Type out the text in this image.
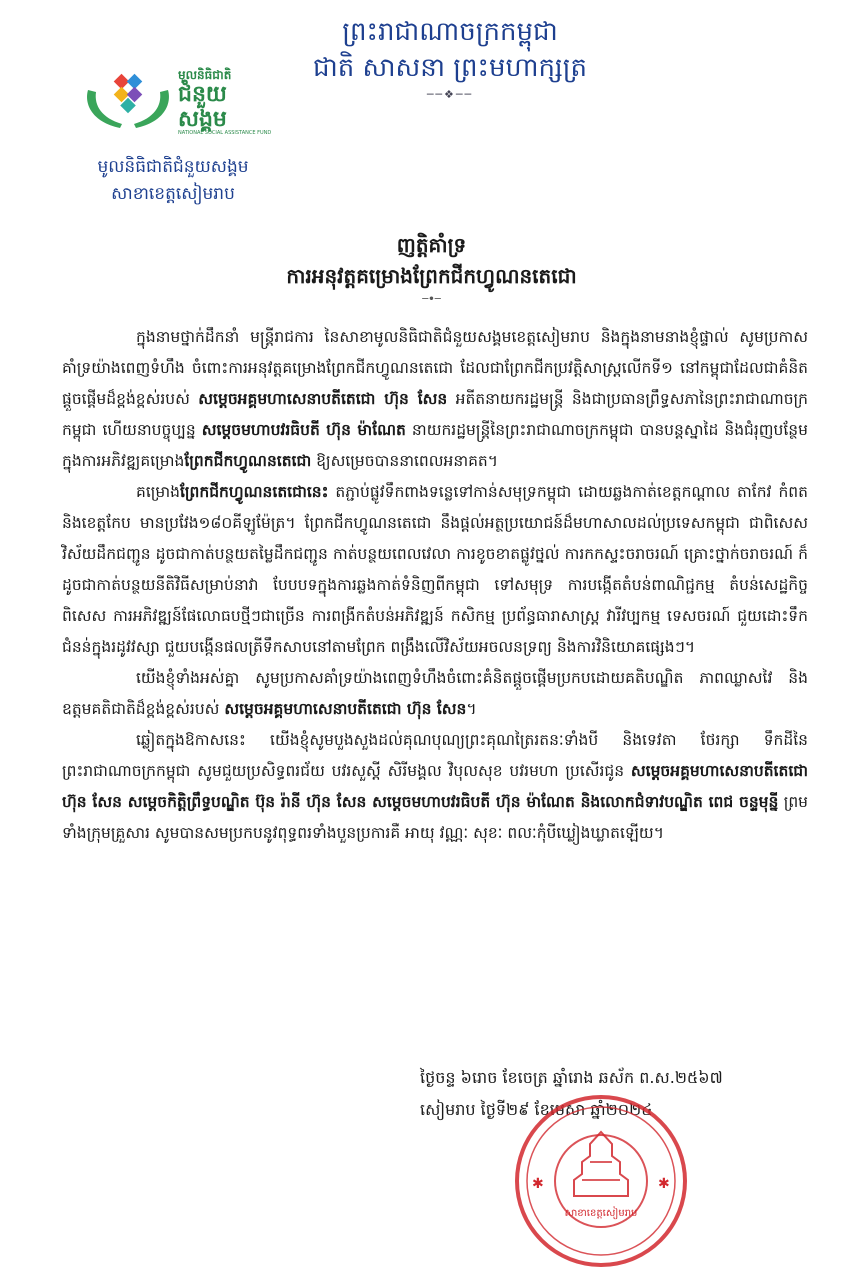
ព្រះរាជាណាចក្រកម្ពុជា
ជាតិ សាសនា ព្រះមហាក្សត្រ
──❖──
មូលនិធិជាតិ
ជំនួយ
សង្គម
NATIONAL SOCIAL ASSISTANCE FUND
មូលនិធិជាតិជំនួយសង្គម
សាខាខេត្តសៀមរាប
ញត្តិគាំទ្រ
ការអនុវត្តគម្រោងព្រែកជីកហ្វូណនតេជោ
─•─

ក្នុងនាមថ្នាក់ដឹកនាំ មន្ត្រីរាជការ នៃសាខាមូលនិធិជាតិជំនួយសង្គមខេត្តសៀមរាប និងក្នុងនាមនាងខ្ញុំផ្ទាល់ សូមប្រកាសគាំទ្រយ៉ាងពេញទំហឹង ចំពោះការអនុវត្តគម្រោងព្រែកជីកហ្វូណនតេជោ ដែលជាព្រែកជីកប្រវត្តិសាស្ត្រលើកទី១ នៅកម្ពុជាដែលជាគំនិតផ្តួចផ្តើមដ៏ខ្ពង់ខ្ពស់របស់ សម្តេចអគ្គមហាសេនាបតីតេជោ ហ៊ុន សែន អតីតនាយករដ្ឋមន្ត្រី និងជាប្រធានព្រឹទ្ធសភានៃព្រះរាជាណាចក្រកម្ពុជា ហើយនាបច្ចុប្បន្ន សម្តេចមហាបវរធិបតី ហ៊ុន ម៉ាណែត នាយករដ្ឋមន្ត្រីនៃព្រះរាជាណាចក្រកម្ពុជា បានបន្តស្នាដៃ និងជំរុញបន្ថែមក្នុងការអភិវឌ្ឍគម្រោងព្រែកជីកហ្វូណនតេជោ ឱ្យសម្រេចបាននាពេលអនាគត។

គម្រោងព្រែកជីកហ្វូណនតេជោនេះ តភ្ជាប់ផ្លូវទឹកពាងទន្លេទៅកាន់សមុទ្រកម្ពុជា ដោយឆ្លងកាត់ខេត្តកណ្តាល តាកែវ កំពត និងខេត្តកែប មានប្រវែង១៨០គីឡូម៉ែត្រ។ ព្រែកជីកហ្វូណនតេជោ នឹងផ្តល់អត្ថប្រយោជន៍ដ៏មហាសាលដល់ប្រទេសកម្ពុជា ជាពិសេសវិស័យដឹកជញ្ជូន ដូចជាកាត់បន្ថយតម្លៃដឹកជញ្ជូន កាត់បន្ថយពេលវេលា ការខូចខាតផ្លូវថ្នល់ ការកកស្ទះចរាចរណ៍ គ្រោះថ្នាក់ចរាចរណ៍ ក៏ដូចជាកាត់បន្ថយនីតិវិធីសម្រាប់នាវា បែបបទក្នុងការឆ្លងកាត់ទំនិញពីកម្ពុជា ទៅសមុទ្រ ការបង្កើតតំបន់ពាណិជ្ជកម្ម តំបន់សេដ្ឋកិច្ចពិសេស ការអភិវឌ្ឍន៍ផែលោធបថ្មីៗជាច្រើន ការពង្រីកតំបន់អភិវឌ្ឍន៍ កសិកម្ម ប្រព័ន្ធធារាសាស្ត្រ វារីវប្បកម្ម ទេសចរណ៍ ជួយដោះទឹកជំនន់ក្នុងរដូវវស្សា ជួយបង្កើនផលត្រីទឹកសាបនៅតាមព្រែក ពង្រឹងលើវិស័យអចលនទ្រព្យ និងការវិនិយោគផ្សេងៗ។

យើងខ្ញុំទាំងអស់គ្នា សូមប្រកាសគាំទ្រយ៉ាងពេញទំហឹងចំពោះគំនិតផ្តួចផ្តើមប្រកបដោយគតិបណ្ឌិត ភាពឈ្លាសវៃ និងឧត្តមគតិជាតិដ៏ខ្ពង់ខ្ពស់របស់ សម្តេចអគ្គមហាសេនាបតីតេជោ ហ៊ុន សែន។

ឆ្លៀតក្នុងឱកាសនេះ យើងខ្ញុំសូមបួងសួងដល់គុណបុណ្យព្រះគុណត្រៃរតនៈទាំងបី និងទេវតា ថែរក្សា ទឹកដីនៃព្រះរាជាណាចក្រកម្ពុជា សូមជួយប្រសិទ្ធពរជ័យ បវរសួស្តី សិរីមង្គល វិបុលសុខ បវរមហា ប្រសើរជូន សម្តេចអគ្គមហាសេនាបតីតេជោ ហ៊ុន សែន សម្តេចកិត្តិព្រឹទ្ធបណ្ឌិត ប៊ុន រ៉ានី ហ៊ុន សែន សម្តេចមហាបវរធិបតី ហ៊ុន ម៉ាណែត និងលោកជំទាវបណ្ឌិត ពេជ ចន្ទមុន្នី ព្រមទាំងក្រុមគ្រួសារ សូមបានសមប្រកបនូវពុទ្ធពរទាំងបួនប្រការគឺ អាយុ វណ្ណៈ សុខៈ ពលៈកុំបីឃ្លៀងឃ្លាតឡើយ។

ថ្ងៃចន្ទ ៦រោច ខែចេត្រ ឆ្នាំរោង ឆស័ក ព.ស.២៥៦៧
សៀមរាប ថ្ងៃទី២៩ ខែមេសា ឆ្នាំ២០២៤
✱	✱
សាខាខេត្តសៀមរាប
